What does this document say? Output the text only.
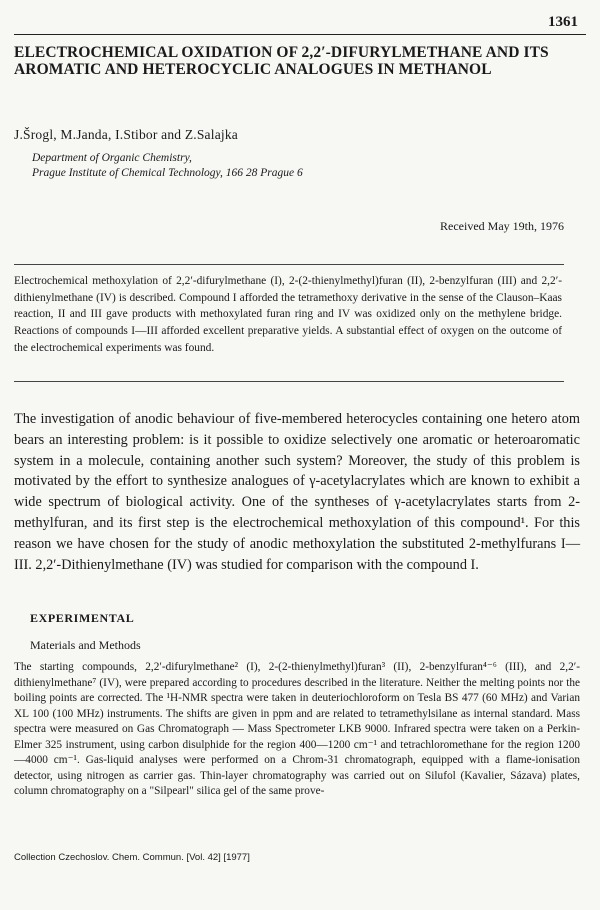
1361
ELECTROCHEMICAL OXIDATION OF 2,2′-DIFURYLMETHANE AND ITS AROMATIC AND HETEROCYCLIC ANALOGUES IN METHANOL
J.Šrogl, M.Janda, I.Stibor and Z.Salajka
Department of Organic Chemistry,
Prague Institute of Chemical Technology, 166 28 Prague 6
Received May 19th, 1976

Electrochemical methoxylation of 2,2′-difurylmethane (I), 2-(2-thienylmethyl)furan (II), 2-benzylfuran (III) and 2,2′-dithienylmethane (IV) is described. Compound I afforded the tetramethoxy derivative in the sense of the Clauson–Kaas reaction, II and III gave products with methoxylated furan ring and IV was oxidized only on the methylene bridge. Reactions of compounds I—III afforded excellent preparative yields. A substantial effect of oxygen on the outcome of the electrochemical experiments was found.

The investigation of anodic behaviour of five-membered heterocycles containing one hetero atom bears an interesting problem: is it possible to oxidize selectively one aromatic or heteroaromatic system in a molecule, containing another such system? Moreover, the study of this problem is motivated by the effort to synthesize analogues of γ-acetylacrylates which are known to exhibit a wide spectrum of biological activity. One of the syntheses of γ-acetylacrylates starts from 2-methylfuran, and its first step is the electrochemical methoxylation of this compound¹. For this reason we have chosen for the study of anodic methoxylation the substituted 2-methylfurans I—III. 2,2′-Dithienylmethane (IV) was studied for comparison with the compound I.

EXPERIMENTAL
Materials and Methods

The starting compounds, 2,2′-difurylmethane² (I), 2-(2-thienylmethyl)furan³ (II), 2-benzylfuran⁴⁻⁶ (III), and 2,2′-dithienylmethane⁷ (IV), were prepared according to procedures described in the literature. Neither the melting points nor the boiling points are corrected. The ¹H-NMR spectra were taken in deuteriochloroform on Tesla BS 477 (60 MHz) and Varian XL 100 (100 MHz) instruments. The shifts are given in ppm and are related to tetramethylsilane as internal standard. Mass spectra were measured on Gas Chromatograph — Mass Spectrometer LKB 9000. Infrared spectra were taken on a Perkin-Elmer 325 instrument, using carbon disulphide for the region 400—1200 cm⁻¹ and tetrachloromethane for the region 1200—4000 cm⁻¹. Gas-liquid analyses were performed on a Chrom-31 chromatograph, equipped with a flame-ionisation detector, using nitrogen as carrier gas. Thin-layer chromatography was carried out on Silufol (Kavalier, Sázava) plates, column chromatography on a "Silpearl" silica gel of the same prove-

Collection Czechoslov. Chem. Commun. [Vol. 42] [1977]
